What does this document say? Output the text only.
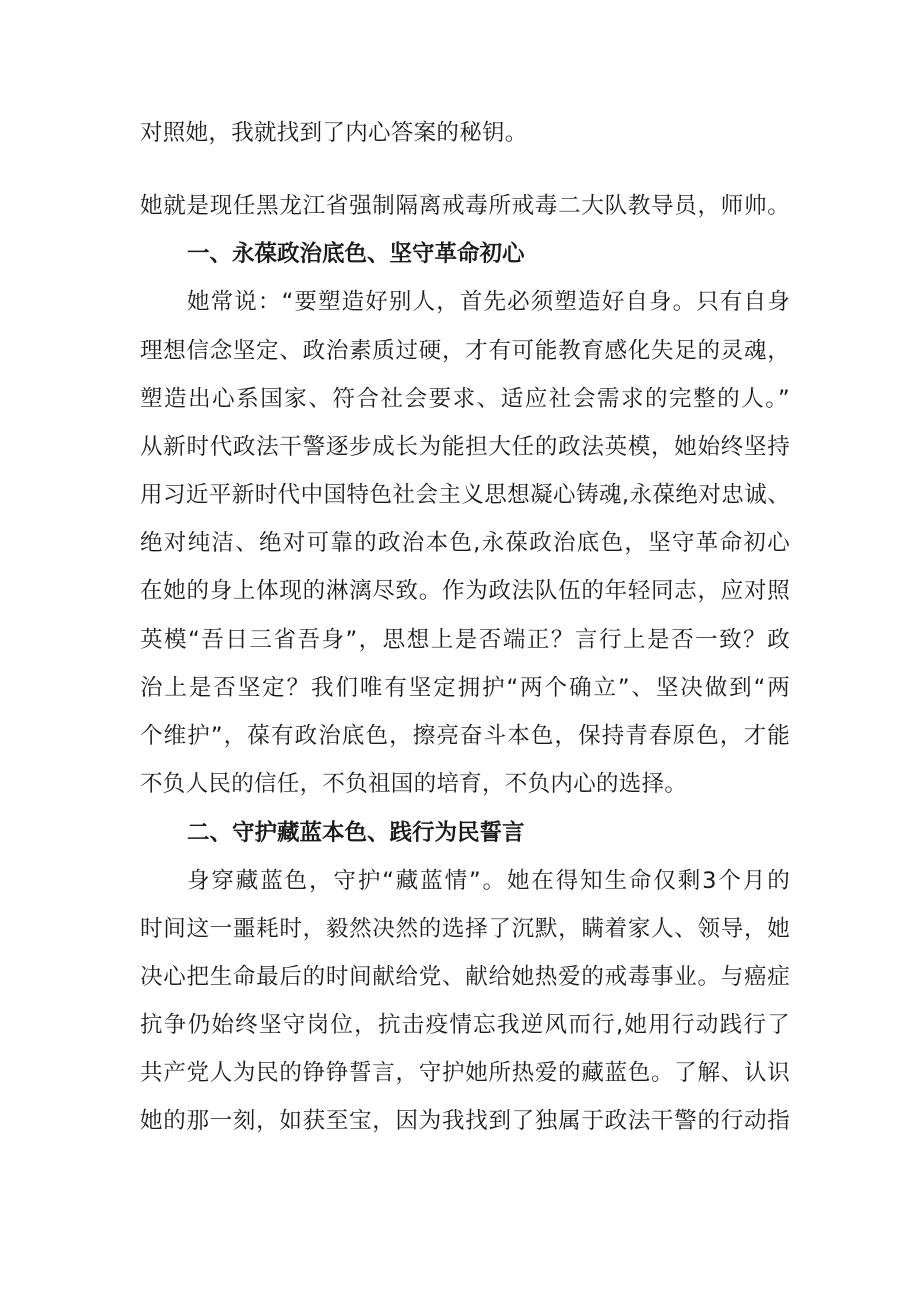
对照她，我就找到了内心答案的秘钥。
她就是现任黑龙江省强制隔离戒毒所戒毒二大队教导员，师帅。
一、永葆政治底色、坚守革命初心
她常说：“要塑造好别人，首先必须塑造好自身。只有自身
理想信念坚定、政治素质过硬，才有可能教育感化失足的灵魂，
塑造出心系国家、符合社会要求、适应社会需求的完整的人。”
从新时代政法干警逐步成长为能担大任的政法英模，她始终坚持
用习近平新时代中国特色社会主义思想凝心铸魂,永葆绝对忠诚、
绝对纯洁、绝对可靠的政治本色,永葆政治底色，坚守革命初心
在她的身上体现的淋漓尽致。作为政法队伍的年轻同志，应对照
英模“吾日三省吾身”，思想上是否端正？言行上是否一致？政
治上是否坚定？我们唯有坚定拥护“两个确立”、坚决做到“两
个维护”，葆有政治底色，擦亮奋斗本色，保持青春原色，才能
不负人民的信任，不负祖国的培育，不负内心的选择。
二、守护藏蓝本色、践行为民誓言
身穿藏蓝色，守护“藏蓝情”。她在得知生命仅剩3个月的
时间这一噩耗时，毅然决然的选择了沉默，瞒着家人、领导，她
决心把生命最后的时间献给党、献给她热爱的戒毒事业。与癌症
抗争仍始终坚守岗位，抗击疫情忘我逆风而行,她用行动践行了
共产党人为民的铮铮誓言，守护她所热爱的藏蓝色。了解、认识
她的那一刻，如获至宝，因为我找到了独属于政法干警的行动指
